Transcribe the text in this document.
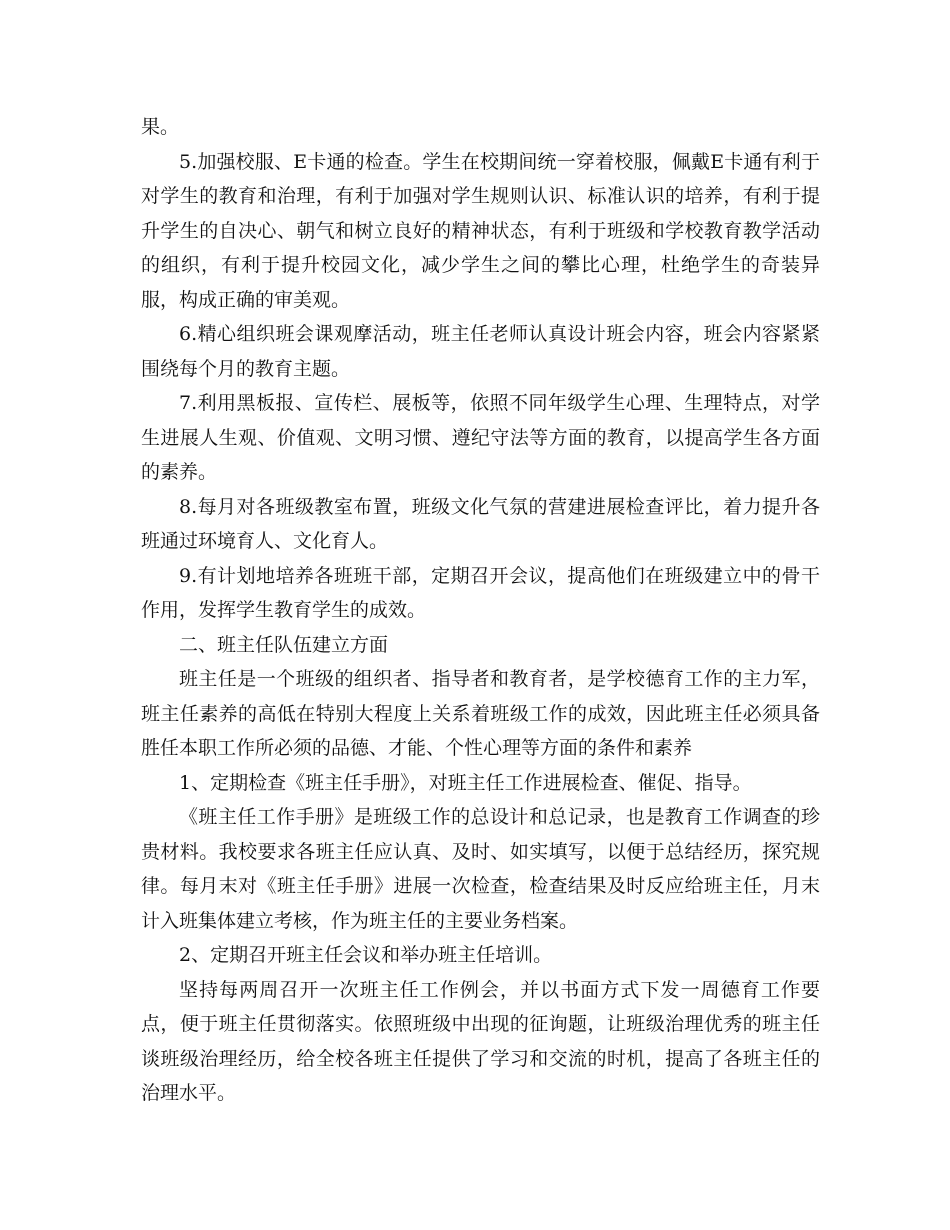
果。

5.加强校服、E卡通的检查。学生在校期间统一穿着校服，佩戴E卡通有利于对学生的教育和治理，有利于加强对学生规则认识、标准认识的培养，有利于提升学生的自决心、朝气和树立良好的精神状态，有利于班级和学校教育教学活动的组织，有利于提升校园文化，减少学生之间的攀比心理，杜绝学生的奇装异服，构成正确的审美观。

6.精心组织班会课观摩活动，班主任老师认真设计班会内容，班会内容紧紧围绕每个月的教育主题。

7.利用黑板报、宣传栏、展板等，依照不同年级学生心理、生理特点，对学生进展人生观、价值观、文明习惯、遵纪守法等方面的教育，以提高学生各方面的素养。

8.每月对各班级教室布置，班级文化气氛的营建进展检查评比，着力提升各班通过环境育人、文化育人。

9.有计划地培养各班班干部，定期召开会议，提高他们在班级建立中的骨干作用，发挥学生教育学生的成效。

二、班主任队伍建立方面

班主任是一个班级的组织者、指导者和教育者，是学校德育工作的主力军，班主任素养的高低在特别大程度上关系着班级工作的成效，因此班主任必须具备胜任本职工作所必须的品德、才能、个性心理等方面的条件和素养

1、定期检查《班主任手册》，对班主任工作进展检查、催促、指导。

《班主任工作手册》是班级工作的总设计和总记录，也是教育工作调查的珍贵材料。我校要求各班主任应认真、及时、如实填写，以便于总结经历，探究规律。每月末对《班主任手册》进展一次检查，检查结果及时反应给班主任，月末计入班集体建立考核，作为班主任的主要业务档案。

2、定期召开班主任会议和举办班主任培训。

坚持每两周召开一次班主任工作例会，并以书面方式下发一周德育工作要点，便于班主任贯彻落实。依照班级中出现的征询题，让班级治理优秀的班主任谈班级治理经历，给全校各班主任提供了学习和交流的时机，提高了各班主任的治理水平。
